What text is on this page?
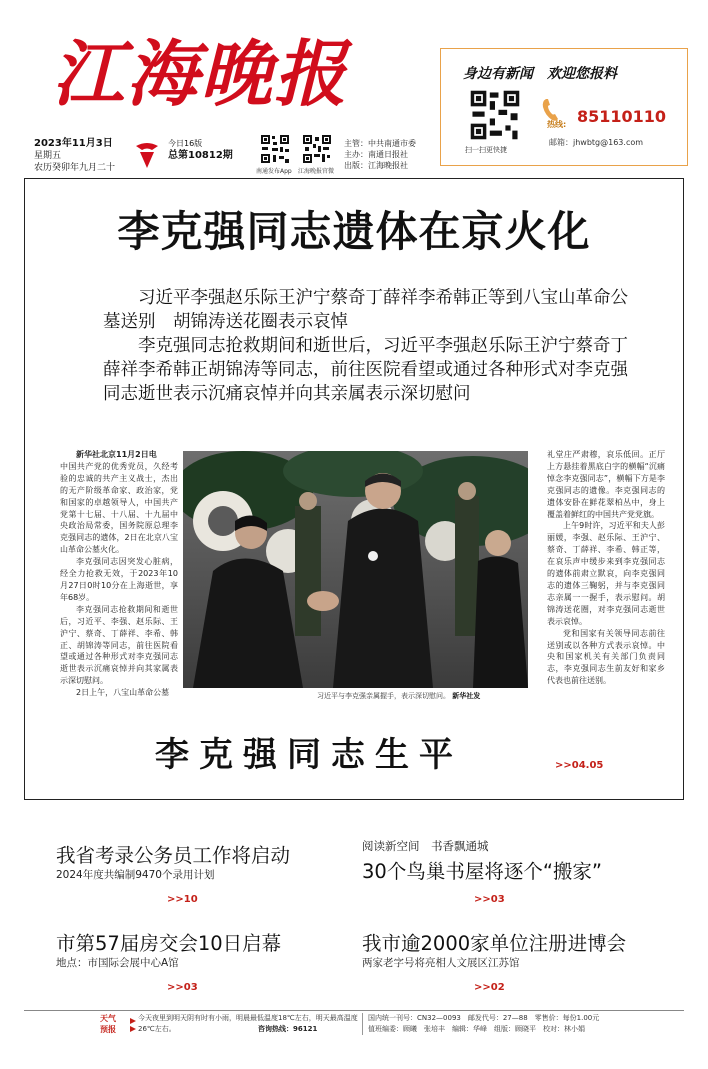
江海晚报
2023年11月3日
星期五
农历癸卯年九月二十
今日16版
总第10812期
南通发布App 江海晚报官微
主管：中共南通市委
主办：南通日报社
出版：江海晚报社
身边有新闻　欢迎您报料
扫一扫更快捷
热线: 85110110
邮箱：jhwbtg@163.com
李克强同志遗体在京火化

习近平李强赵乐际王沪宁蔡奇丁薛祥李希韩正等到八宝山革命公墓送别　胡锦涛送花圈表示哀悼

李克强同志抢救期间和逝世后，习近平李强赵乐际王沪宁蔡奇丁薛祥李希韩正胡锦涛等同志，前往医院看望或通过各种形式对李克强同志逝世表示沉痛哀悼并向其亲属表示深切慰问

新华社北京11月2日电

中国共产党的优秀党员，久经考验的忠诚的共产主义战士，杰出的无产阶级革命家、政治家，党和国家的卓越领导人，中国共产党第十七届、十八届、十九届中央政治局常委，国务院原总理李克强同志的遗体，2日在北京八宝山革命公墓火化。

李克强同志因突发心脏病，经全力抢救无效，于2023年10月27日0时10分在上海逝世，享年68岁。

李克强同志抢救期间和逝世后，习近平、李强、赵乐际、王沪宁、蔡奇、丁薛祥、李希、韩正、胡锦涛等同志，前往医院看望或通过各种形式对李克强同志逝世表示沉痛哀悼并向其家属表示深切慰问。

2日上午，八宝山革命公墓	习近平与李克强亲属握手，表示深切慰问。 新华社发

礼堂庄严肃穆，哀乐低回。正厅上方悬挂着黑底白字的横幅“沉痛悼念李克强同志”，横幅下方是李克强同志的遗像。李克强同志的遗体安卧在鲜花翠柏丛中，身上覆盖着鲜红的中国共产党党旗。

上午9时许，习近平和夫人彭丽媛，李强、赵乐际、王沪宁、蔡奇、丁薛祥、李希、韩正等，在哀乐声中缓步来到李克强同志的遗体前肃立默哀，向李克强同志的遗体三鞠躬，并与李克强同志亲属一一握手，表示慰问。胡锦涛送花圈，对李克强同志逝世表示哀悼。

党和国家有关领导同志前往送别或以各种方式表示哀悼。中央和国家机关有关部门负责同志，李克强同志生前友好和家乡代表也前往送别。

李克强同志生平	>>04.05
我省考录公务员工作将启动
2024年度共编制9470个录用计划
>>10
阅读新空间　书香飘通城
30个鸟巢书屋将逐个“搬家”
>>03
市第57届房交会10日启幕
地点：市国际会展中心A馆
>>03
我市逾2000家单位注册进博会
两家老字号将亮相人文展区江苏馆
>>02
天气
预报
今天夜里到明天阴有时有小雨，明晨最低温度18℃左右，明天最高温度26℃左右。	咨询热线：96121
国内统一刊号：CN32—0093　邮发代号：27—88　零售价：每份1.00元
值班编委：顾曦　张培丰　编辑：华峰　组版：顾晓平　校对：林小娟
